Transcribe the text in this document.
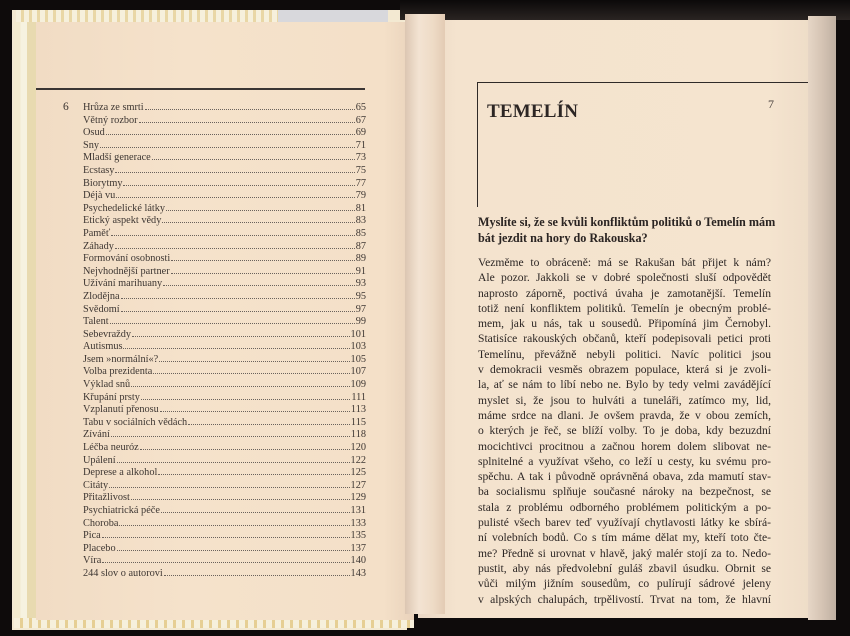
6 Hrůza ze smrti	65
Větný rozbor	67
Osud	69
Sny	71
Mladší generace	73
Ecstasy	75
Biorytmy	77
Déjà vu	79
Psychedelické látky	81
Etický aspekt vědy	83
Paměť	85
Záhady	87
Formování osobnosti	89
Nejvhodnější partner	91
Užívání marihuany	93
Zlodějna	95
Svědomí	97
Talent	99
Sebevraždy	101
Autismus	103
Jsem »normální«?	105
Volba prezidenta	107
Výklad snů	109
Křupání prsty	111
Vzplanutí přenosu	113
Tabu v sociálních vědách	115
Zívání	118
Léčba neuróz	120
Upálení	122
Deprese a alkohol	125
Citáty	127
Přitažlivost	129
Psychiatrická péče	131
Choroba	133
Pica	135
Placebo	137
Víra	140
244 slov o autorovi	143
TEMELÍN	7
Myslíte si, že se kvůli konfliktům politiků o Temelín mám bát jezdit na hory do Rakouska?
Vezměme to obráceně: má se Rakušan bát přijet k nám?
Ale pozor. Jakkoli se v dobré společnosti sluší odpovědět
naprosto záporně, poctivá úvaha je zamotanější. Temelín
totiž není konfliktem politiků. Temelín je obecným problé-
mem, jak u nás, tak u sousedů. Připomíná jim Černobyl.
Statisíce rakouských občanů, kteří podepisovali petici proti
Temelínu, převážně nebyli politici. Navíc politici jsou
v demokracii vesměs obrazem populace, která si je zvoli-
la, ať se nám to líbí nebo ne. Bylo by tedy velmi zavádějící
myslet si, že jsou to hulváti a tuneláři, zatímco my, lid,
máme srdce na dlani. Je ovšem pravda, že v obou zemích,
o kterých je řeč, se blíží volby. To je doba, kdy bezuzdní
mocichtivci procitnou a začnou horem dolem slibovat ne-
splnitelné a využívat všeho, co leží u cesty, ku svému pro-
spěchu. A tak i původně oprávněná obava, zda mamutí stav-
ba socialismu splňuje současné nároky na bezpečnost, se
stala z problému odborného problémem politickým a po-
pulisté všech barev teď využívají chytlavosti látky ke sbírá-
ní volebních bodů. Co s tím máme dělat my, kteří toto čte-
me? Předně si urovnat v hlavě, jaký malér stojí za to. Nedo-
pustit, aby nás předvolební guláš zbavil úsudku. Obrnit se
vůči milým jižním sousedům, co pulírují sádrové jeleny
v alpských chalupách, trpělivostí. Trvat na tom, že hlavní
